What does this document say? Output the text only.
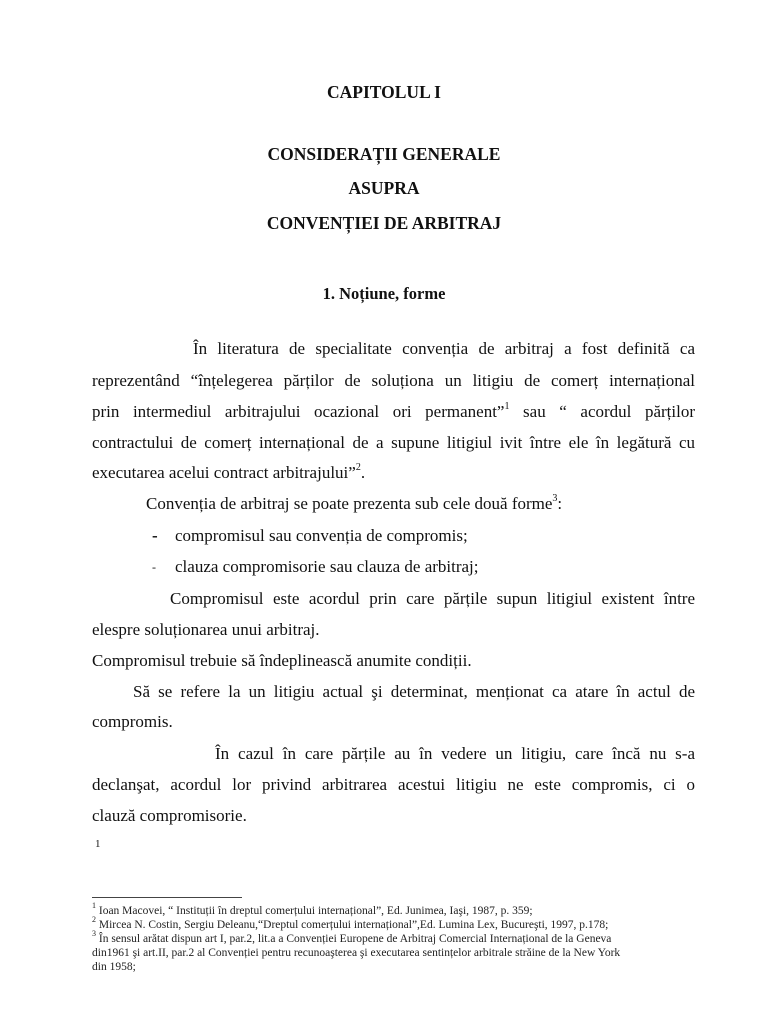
CAPITOLUL I
CONSIDERAȚII GENERALE
ASUPRA
CONVENȚIEI DE ARBITRAJ
1. Noțiune, forme
În literatura de specialitate convenția de arbitraj a fost definită ca
reprezentând “înțelegerea părților de soluționa un litigiu de comerț internațional
prin intermediul arbitrajului ocazional ori permanent”$^1$ sau “ acordul părților
contractului de comerț internațional de a supune litigiul ivit între ele în legătură cu
executarea acelui contract arbitrajului”$^2$.
Convenția de arbitraj se poate prezenta sub cele două forme$^3$:
- compromisul sau convenția de compromis;
- clauza compromisorie sau clauza de arbitraj;
Compromisul este acordul prin care părțile supun litigiul existent între
elespre soluționarea unui arbitraj.
Compromisul trebuie să îndeplinească anumite condiții.
Să se refere la un litigiu actual şi determinat, menționat ca atare în actul de
compromis.
În cazul în care părțile au în vedere un litigiu, care încă nu s-a
declanşat, acordul lor privind arbitrarea acestui litigiu ne este compromis, ci o
clauză compromisorie.
1
$^1$ Ioan Macovei, “ Instituții în dreptul comerțului internațional”, Ed. Junimea, Iaşi, 1987, p. 359;
$^2$ Mircea N. Costin, Sergiu Deleanu,“Dreptul comerțului internațional”,Ed. Lumina Lex, Bucureşti, 1997, p.178;
$^3$ În sensul arătat dispun art I, par.2, lit.a a Convenției Europene de Arbitraj Comercial Internațional de la Geneva
din1961 şi art.II, par.2 al Convenției pentru recunoaşterea şi executarea sentințelor arbitrale străine de la New York
din 1958;
